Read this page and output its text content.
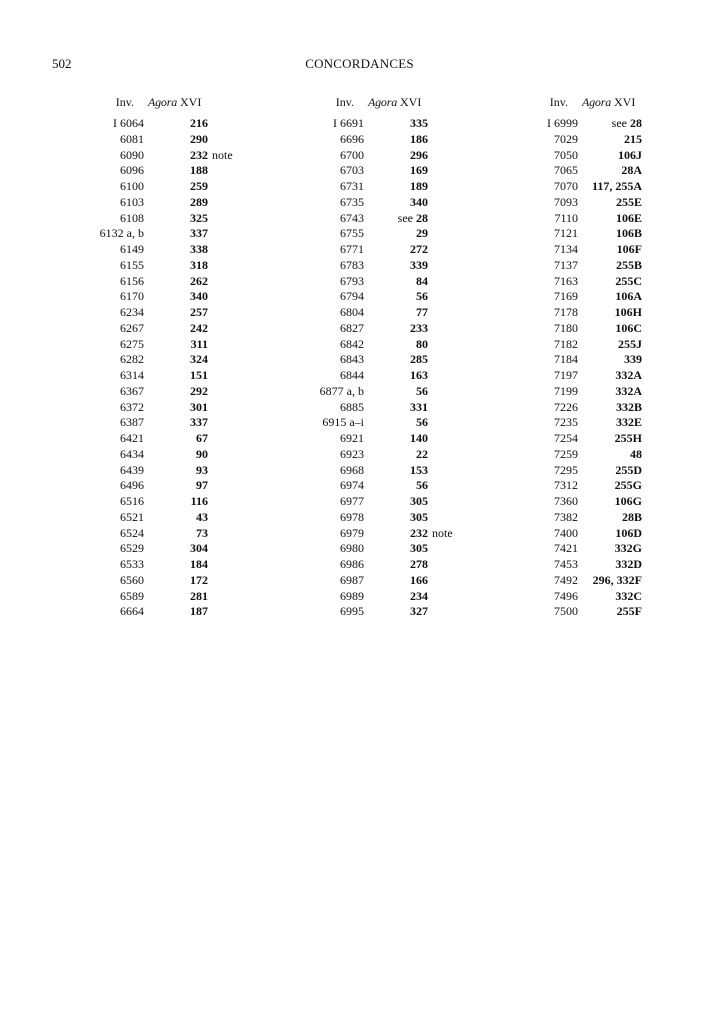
502	CONCORDANCES
Inv.	Agora XVI
I 6064	216
6081	290
6090	232 note
6096	188
6100	259
6103	289
6108	325
6132 a, b	337
6149	338
6155	318
6156	262
6170	340
6234	257
6267	242
6275	311
6282	324
6314	151
6367	292
6372	301
6387	337
6421	67
6434	90
6439	93
6496	97
6516	116
6521	43
6524	73
6529	304
6533	184
6560	172
6589	281
6664	187
Inv.	Agora XVI
I 6691	335
6696	186
6700	296
6703	169
6731	189
6735	340
6743	see 28
6755	29
6771	272
6783	339
6793	84
6794	56
6804	77
6827	233
6842	80
6843	285
6844	163
6877 a, b	56
6885	331
6915 a–i	56
6921	140
6923	22
6968	153
6974	56
6977	305
6978	305
6979	232 note
6980	305
6986	278
6987	166
6989	234
6995	327
Inv.	Agora XVI
I 6999	see 28
7029	215
7050	106J
7065	28A
7070	117, 255A
7093	255E
7110	106E
7121	106B
7134	106F
7137	255B
7163	255C
7169	106A
7178	106H
7180	106C
7182	255J
7184	339
7197	332A
7199	332A
7226	332B
7235	332E
7254	255H
7259	48
7295	255D
7312	255G
7360	106G
7382	28B
7400	106D
7421	332G
7453	332D
7492	296, 332F
7496	332C
7500	255F
